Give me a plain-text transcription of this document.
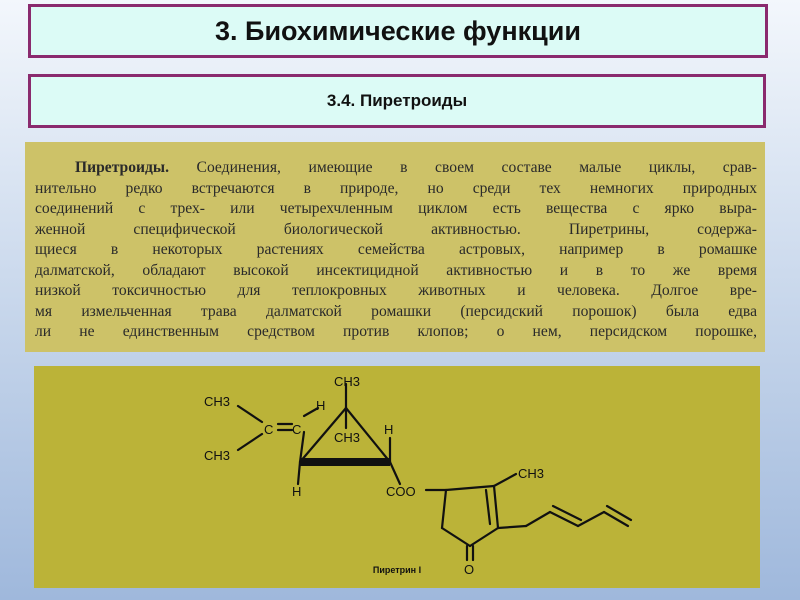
3. Биохимические функции
3.4. Пиретроиды
Пиретроиды. Соединения, имеющие в своем составе малые циклы, срав-
нительно редко встречаются в природе, но среди тех немногих природных
соединений с трех- или четырехчленным циклом есть вещества с ярко выра-
женной специфической биологической активностью. Пиретрины, содержа-
щиеся в некоторых растениях семейства астровых, например в ромашке
далматской, обладают высокой инсектицидной активностью и в то же время
низкой токсичностью для теплокровных животных и человека. Долгое вре-
мя измельченная трава далматской ромашки (персидский порошок) была едва
ли не единственным средством против клопов; о нем, персидском порошке,
CH3
CH3
CH3
C C
H
CH3
H
H	COO
CH3
O
Пиретрин I
